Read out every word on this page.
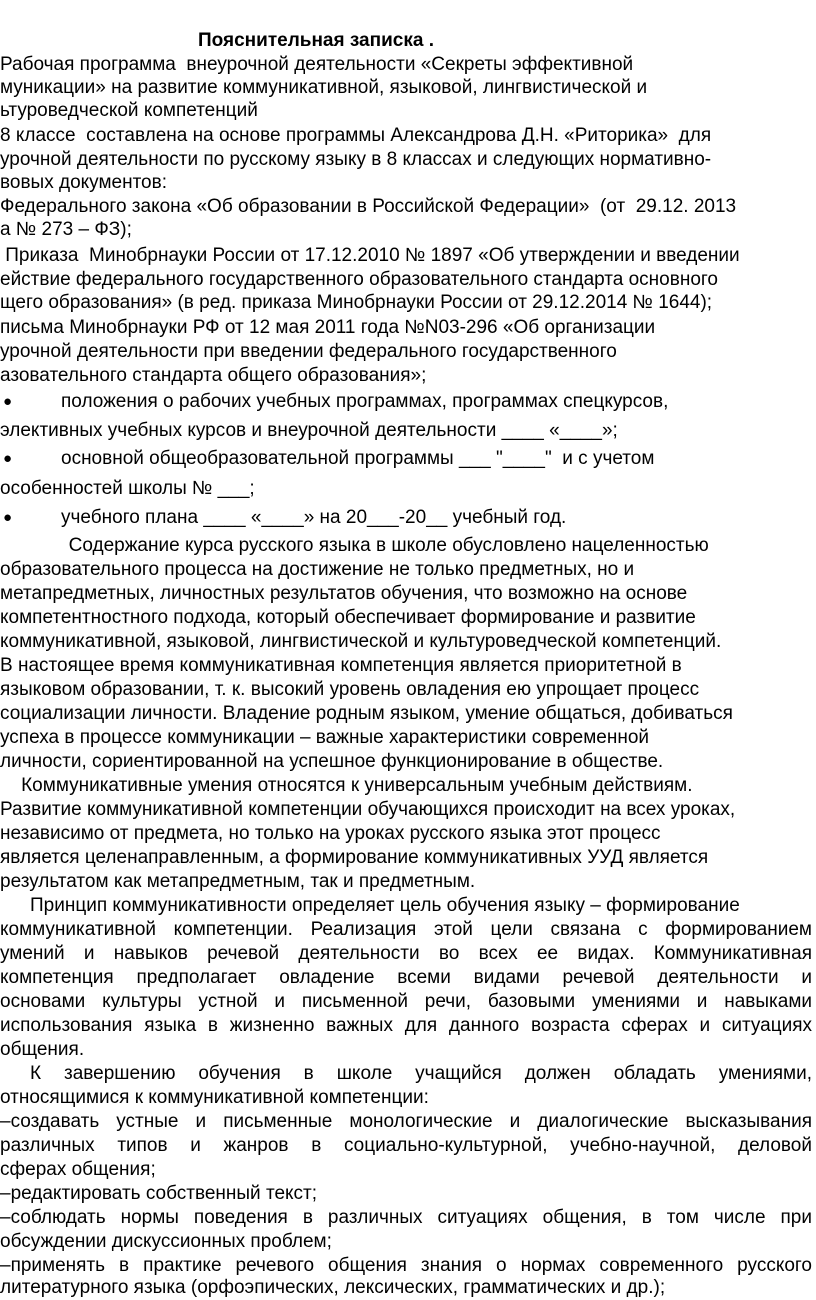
Пояснительная записка .
Рабочая программа  внеурочной деятельности «Секреты эффективной
муникации» на развитие коммуникативной, языковой, лингвистической и
ьтуроведческой компетенций
8 классе  составлена на основе программы Александрова Д.Н. «Риторика»  для
урочной деятельности по русскому языку в 8 классах и следующих нормативно-
вовых документов:
Федерального закона «Об образовании в Российской Федерации»  (от  29.12. 2013
а № 273 – ФЗ);
Приказа  Минобрнауки России от 17.12.2010 № 1897 «Об утверждении и введении
ействие федерального государственного образовательного стандарта основного
щего образования» (в ред. приказа Минобрнауки России от 29.12.2014 № 1644);
письма Минобрнауки РФ от 12 мая 2011 года №N03-296 «Об организации
урочной деятельности при введении федерального государственного
азовательного стандарта общего образования»;
●	положения о рабочих учебных программах, программах спецкурсов,
элективных учебных курсов и внеурочной деятельности ____ «____»;
●	основной общеобразовательной программы ___ "____"  и с учетом
особенностей школы № ___;
●	учебного плана ____ «____» на 20___-20__ учебный год.
Содержание курса русского языка в школе обусловлено нацеленностью
образовательного процесса на достижение не только предметных, но и
метапредметных, личностных результатов обучения, что возможно на основе
компетентностного подхода, который обеспечивает формирование и развитие
коммуникативной, языковой, лингвистической и культуроведческой компетенций.
В настоящее время коммуникативная компетенция является приоритетной в
языковом образовании, т. к. высокий уровень овладения ею упрощает процесс
социализации личности. Владение родным языком, умение общаться, добиваться
успеха в процессе коммуникации – важные характеристики современной
личности, сориентированной на успешное функционирование в обществе.
Коммуникативные умения относятся к универсальным учебным действиям.
Развитие коммуникативной компетенции обучающихся происходит на всех уроках,
независимо от предмета, но только на уроках русского языка этот процесс
является целенаправленным, а формирование коммуникативных УУД является
результатом как метапредметным, так и предметным.
Принцип коммуникативности определяет цель обучения языку – формирование
коммуникативной компетенции. Реализация этой цели связана с формированием
умений и навыков речевой деятельности во всех ее видах. Коммуникативная
компетенция предполагает овладение всеми видами речевой деятельности и
основами культуры устной и письменной речи, базовыми умениями и навыками
использования языка в жизненно важных для данного возраста сферах и ситуациях
общения.
К завершению обучения в школе учащийся должен обладать умениями,
относящимися к коммуникативной компетенции:
–создавать устные и письменные монологические и диалогические высказывания
различных типов и жанров в социально-культурной, учебно-научной, деловой
сферах общения;
–редактировать собственный текст;
–соблюдать нормы поведения в различных ситуациях общения, в том числе при
обсуждении дискуссионных проблем;
–применять в практике речевого общения знания о нормах современного русского
литературного языка (орфоэпических, лексических, грамматических и др.);
